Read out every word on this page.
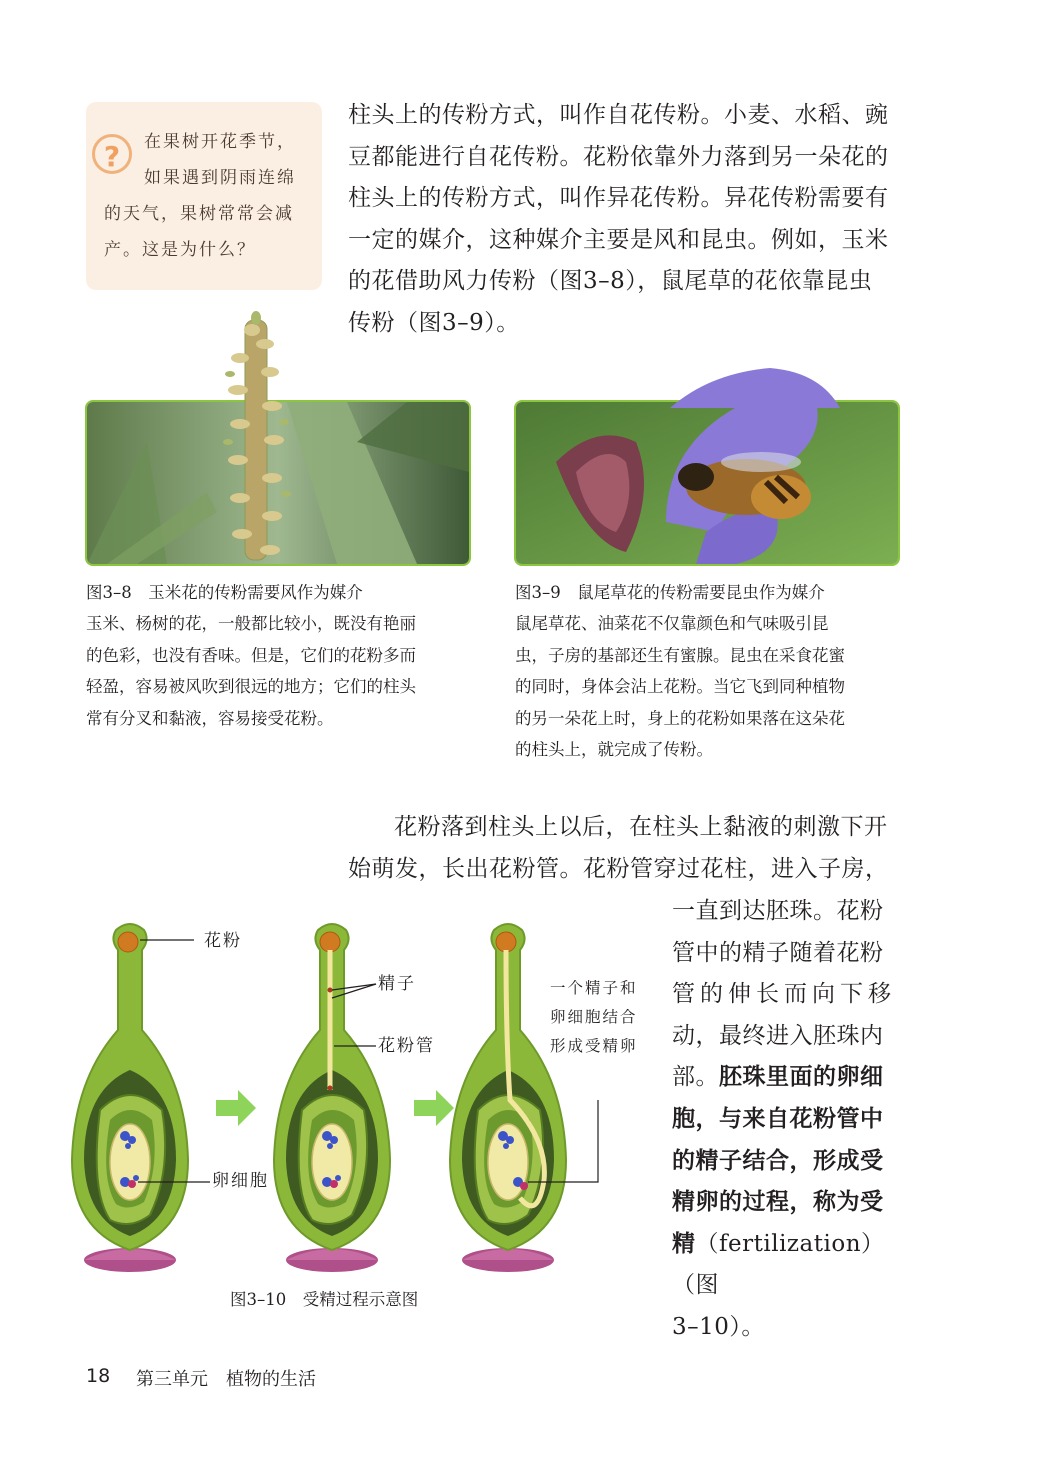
?	在果树开花季节，
如果遇到阴雨连绵
的天气，果树常常会减
产。这是为什么？
柱头上的传粉方式，叫作自花传粉。小麦、水稻、豌
豆都能进行自花传粉。花粉依靠外力落到另一朵花的
柱头上的传粉方式，叫作异花传粉。异花传粉需要有
一定的媒介，这种媒介主要是风和昆虫。例如，玉米
的花借助风力传粉（图3–8），鼠尾草的花依靠昆虫
传粉（图3–9）。
图3–8　玉米花的传粉需要风作为媒介
玉米、杨树的花，一般都比较小，既没有艳丽
的色彩，也没有香味。但是，它们的花粉多而
轻盈，容易被风吹到很远的地方；它们的柱头
常有分叉和黏液，容易接受花粉。
图3–9　鼠尾草花的传粉需要昆虫作为媒介
鼠尾草花、油菜花不仅靠颜色和气味吸引昆
虫，子房的基部还生有蜜腺。昆虫在采食花蜜
的同时，身体会沾上花粉。当它飞到同种植物
的另一朵花上时，身上的花粉如果落在这朵花
的柱头上，就完成了传粉。
花粉落到柱头上以后，在柱头上黏液的刺激下开
始萌发，长出花粉管。花粉管穿过花柱，进入子房，
一直到达胚珠。花粉
管中的精子随着花粉
管的伸长而向下移
动，最终进入胚珠内
部。胚珠里面的卵细
胞，与来自花粉管中
的精子结合，形成受
精卵的过程，称为受
精（fertilization）（图
3–10）。
花粉
精子
花粉管
卵细胞
一个精子和
卵细胞结合
形成受精卵
图3–10　受精过程示意图
18 第三单元　植物的生活
